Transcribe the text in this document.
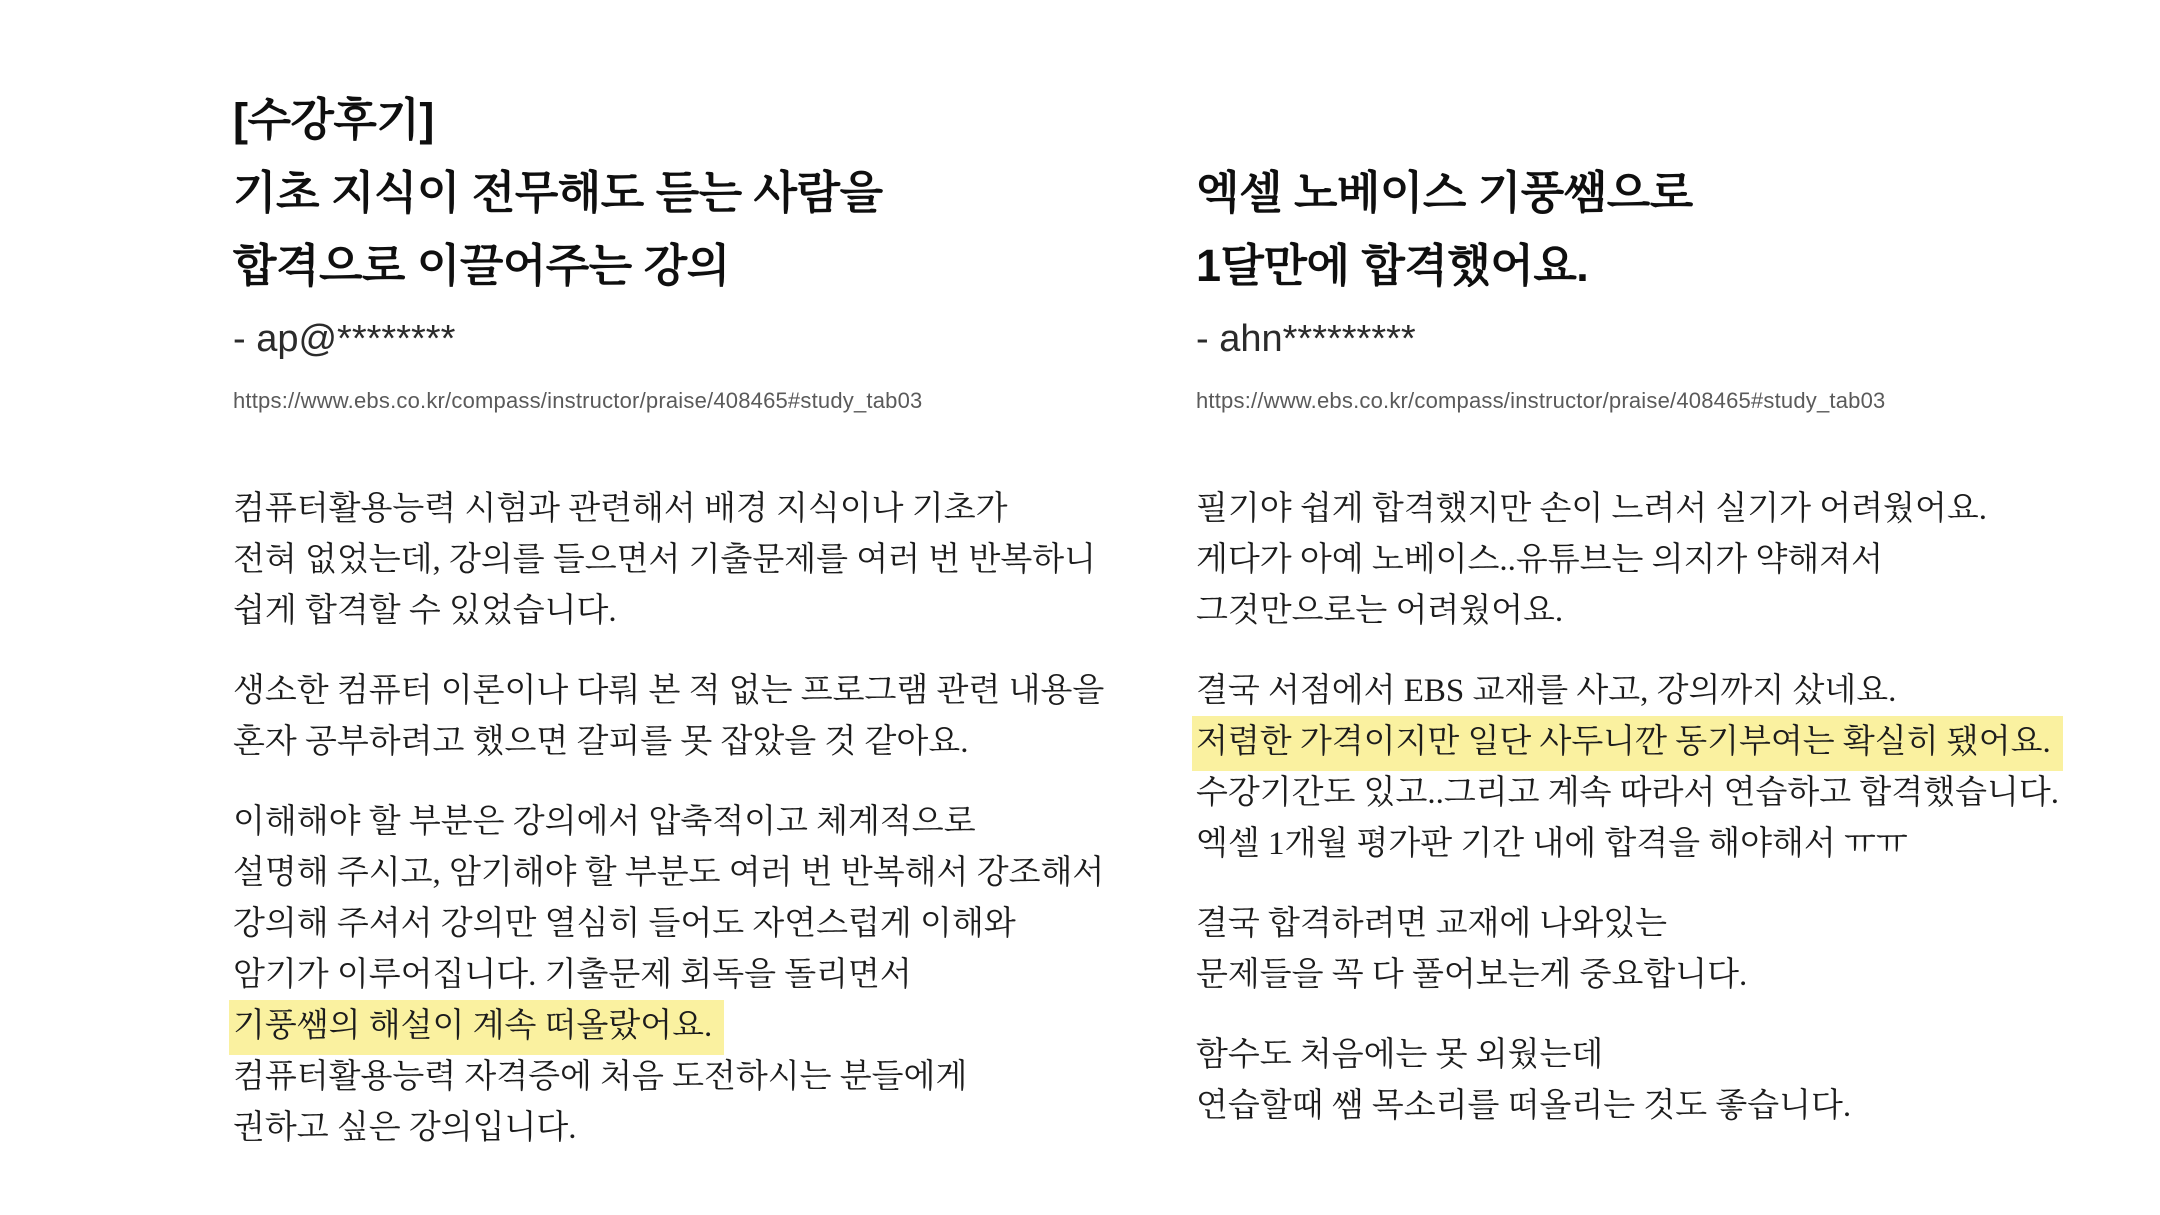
[수강후기]
기초 지식이 전무해도 듣는 사람을
합격으로 이끌어주는 강의
- ap@********
https://www.ebs.co.kr/compass/instructor/praise/408465#study_tab03
컴퓨터활용능력 시험과 관련해서 배경 지식이나 기초가
전혀 없었는데, 강의를 들으면서 기출문제를 여러 번 반복하니
쉽게 합격할 수 있었습니다.
생소한 컴퓨터 이론이나 다뤄 본 적 없는 프로그램 관련 내용을
혼자 공부하려고 했으면 갈피를 못 잡았을 것 같아요.
이해해야 할 부분은 강의에서 압축적이고 체계적으로
설명해 주시고, 암기해야 할 부분도 여러 번 반복해서 강조해서
강의해 주셔서 강의만 열심히 들어도 자연스럽게 이해와
암기가 이루어집니다. 기출문제 회독을 돌리면서
기풍쌤의 해설이 계속 떠올랐어요.
컴퓨터활용능력 자격증에 처음 도전하시는 분들에게
권하고 싶은 강의입니다.
엑셀 노베이스 기풍쌤으로
1달만에 합격했어요.
- ahn*********
https://www.ebs.co.kr/compass/instructor/praise/408465#study_tab03
필기야 쉽게 합격했지만 손이 느려서 실기가 어려웠어요.
게다가 아예 노베이스..유튜브는 의지가 약해져서
그것만으로는 어려웠어요.
결국 서점에서 EBS 교재를 사고, 강의까지 샀네요.
저렴한 가격이지만 일단 사두니깐 동기부여는 확실히 됐어요.
수강기간도 있고..그리고 계속 따라서 연습하고 합격했습니다.
엑셀 1개월 평가판 기간 내에 합격을 해야해서 ㅠㅠ
결국 합격하려면 교재에 나와있는
문제들을 꼭 다 풀어보는게 중요합니다.
함수도 처음에는 못 외웠는데
연습할때 쌤 목소리를 떠올리는 것도 좋습니다.
